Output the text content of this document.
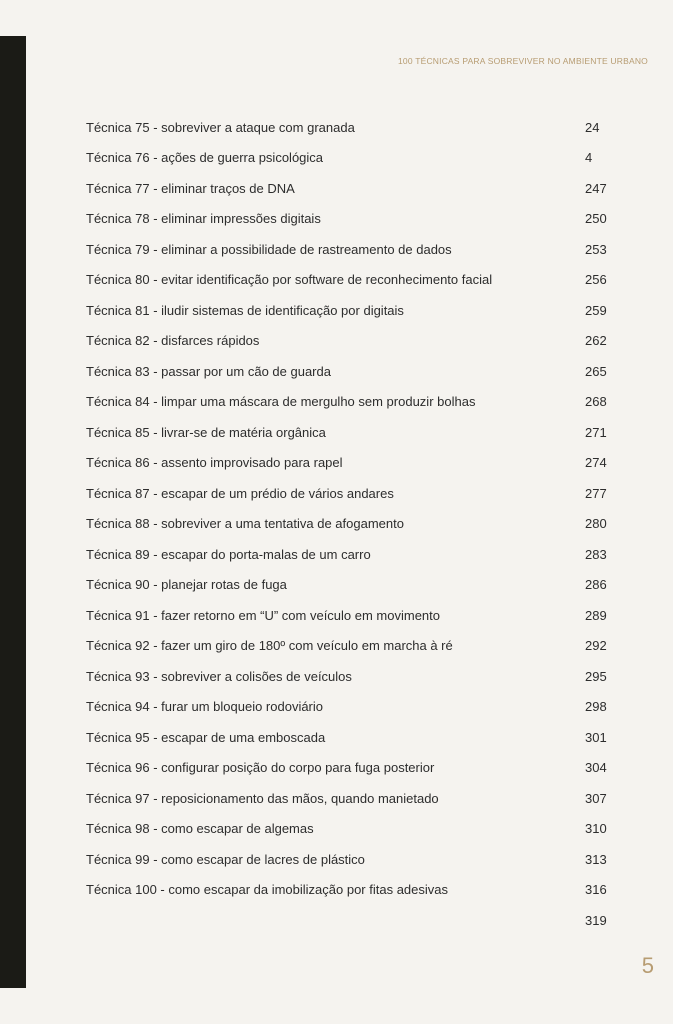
100 TÉCNICAS PARA SOBREVIVER NO AMBIENTE URBANO
Técnica 75 - sobreviver a ataque com granada	24
Técnica 76 - ações de guerra psicológica	4
Técnica 77 - eliminar traços de DNA	247
Técnica 78 - eliminar impressões digitais	250
Técnica 79 - eliminar a possibilidade de rastreamento de dados	253
Técnica 80 - evitar identificação por software de reconhecimento facial	256
Técnica 81 - iludir sistemas de identificação por digitais	259
Técnica 82 - disfarces rápidos	262
Técnica 83 - passar por um cão de guarda	265
Técnica 84 - limpar uma máscara de mergulho sem produzir bolhas	268
Técnica 85 - livrar-se de matéria orgânica	271
Técnica 86 - assento improvisado para rapel	274
Técnica 87 - escapar de um prédio de vários andares	277
Técnica 88 - sobreviver a uma tentativa de afogamento	280
Técnica 89 - escapar do porta-malas de um carro	283
Técnica 90 - planejar rotas de fuga	286
Técnica 91 - fazer retorno em “U” com veículo em movimento	289
Técnica 92 - fazer um giro de 180º com veículo em marcha à ré	292
Técnica 93 - sobreviver a colisões de veículos	295
Técnica 94 - furar um bloqueio rodoviário	298
Técnica 95 - escapar de uma emboscada	301
Técnica 96 - configurar posição do corpo para fuga posterior	304
Técnica 97 - reposicionamento das mãos, quando manietado	307
Técnica 98 - como escapar de algemas	310
Técnica 99 - como escapar de lacres de plástico	313
Técnica 100 - como escapar da imobilização por fitas adesivas	316
319
5
